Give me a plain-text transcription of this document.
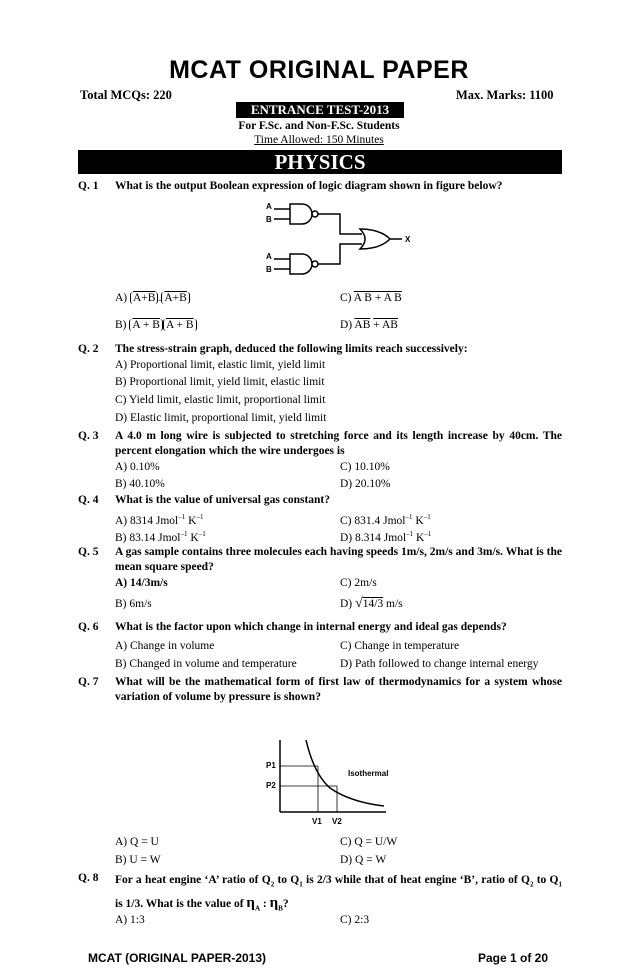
MCAT ORIGINAL PAPER
Total MCQs: 220	Max. Marks: 1100
ENTRANCE TEST-2013
For F.Sc. and Non-F.Sc. Students
Time Allowed: 150 Minutes
PHYSICS
Q. 1 What is the output Boolean expression of logic diagram shown in figure below?
A
B
A
B
X
A) A+B . A+B	C) A B + A B
B) A + B A + B	D) $\overline{AB}$ + AB
Q. 2 The stress-strain graph, deduced the following limits reach successively:
A) Proportional limit, elastic limit, yield limit
B) Proportional limit, yield limit, elastic limit
C) Yield limit, elastic limit, proportional limit
D) Elastic limit, proportional limit, yield limit
Q. 3 A 4.0 m long wire is subjected to stretching force and its length increase by 40cm. The percent elongation which the wire undergoes is
A) 0.10%	C) 10.10%
B) 40.10%	D) 20.10%
Q. 4 What is the value of universal gas constant?
A) 8314 Jmol$^{-1}$ $K^{-1}$	C) 831.4 Jmol$^{-1}$ $K^{-1}$
B) 83.14 Jmol$^{-1}$ $K^{-1}$	D) 8.314 Jmol$^{-1}$ $K^{-1}$
Q. 5 A gas sample contains three molecules each having speeds 1m/s, 2m/s and 3m/s. What is the mean square speed?
A) 14/3m/s	C) 2m/s
B) 6m/s	D) √14/3 m/s
Q. 6 What is the factor upon which change in internal energy and ideal gas depends?
A) Change in volume	C) Change in temperature
B) Changed in volume and temperature	D) Path followed to change internal energy
Q. 7 What will be the mathematical form of first law of thermodynamics for a system whose variation of volume by pressure is shown?
P1
P2
V1 V2
Isothermal
A) Q = U	C) Q = U/W
B) U = W	D) Q = W
Q. 8 For a heat engine ‘A’ ratio of $Q_2$ to $Q_1$ is 2/3 while that of heat engine ‘B’, ratio of $Q_2$ to $Q_1$ is 1/3. What is the value of $\eta_A$ : $\eta_B$?
A) 1:3	C) 2:3
MCAT (ORIGINAL PAPER-2013)	Page 1 of 20
